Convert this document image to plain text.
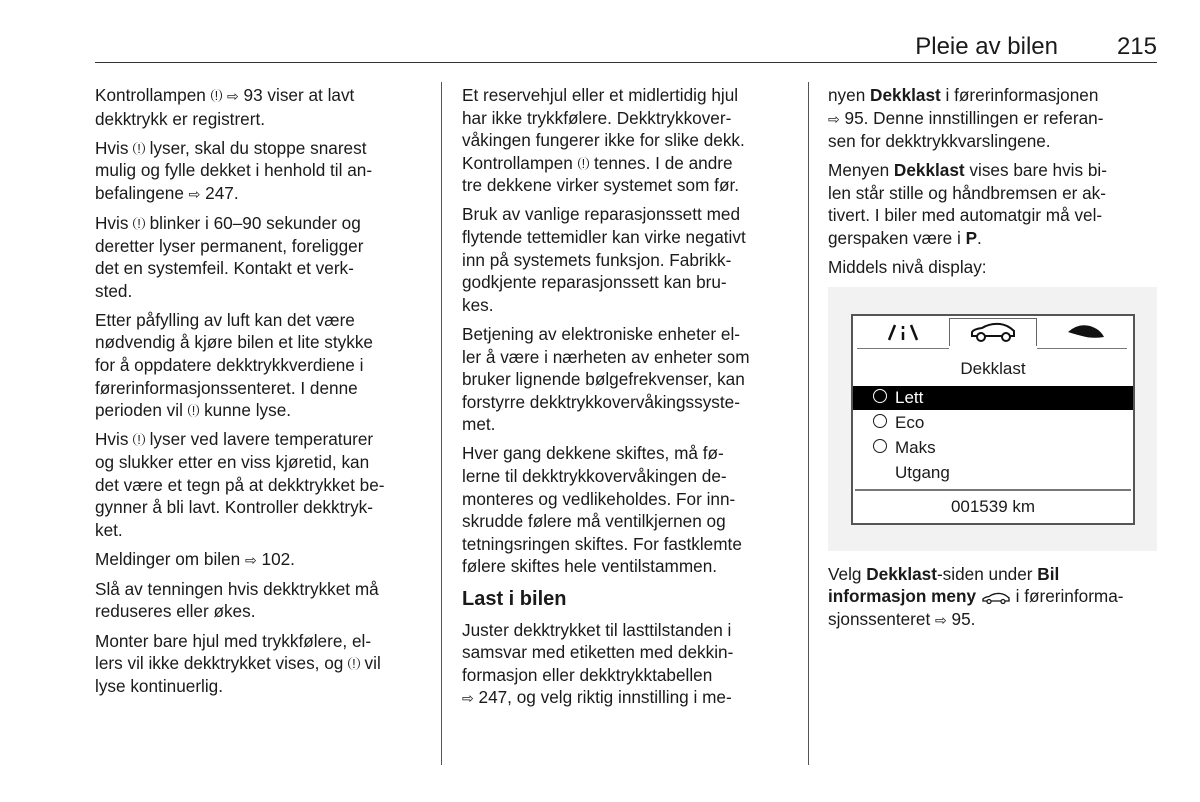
Pleie av bilen 215
Kontrollampen ! ⇨ 93 viser at lavt
dekktrykk er registrert.
Hvis ! lyser, skal du stoppe snarest
mulig og fylle dekket i henhold til an-
befalingene ⇨ 247.
Hvis ! blinker i 60–90 sekunder og
deretter lyser permanent, foreligger
det en systemfeil. Kontakt et verk-
sted.
Etter påfylling av luft kan det være
nødvendig å kjøre bilen et lite stykke
for å oppdatere dekktrykkverdiene i
førerinformasjonssenteret. I denne
perioden vil ! kunne lyse.
Hvis ! lyser ved lavere temperaturer
og slukker etter en viss kjøretid, kan
det være et tegn på at dekktrykket be-
gynner å bli lavt. Kontroller dekktryk-
ket.
Meldinger om bilen ⇨ 102.
Slå av tenningen hvis dekktrykket må
reduseres eller økes.
Monter bare hjul med trykkfølere, el-
lers vil ikke dekktrykket vises, og ! vil
lyse kontinuerlig.
Et reservehjul eller et midlertidig hjul
har ikke trykkfølere. Dekktrykkover-
våkingen fungerer ikke for slike dekk.
Kontrollampen ! tennes. I de andre
tre dekkene virker systemet som før.
Bruk av vanlige reparasjonssett med
flytende tettemidler kan virke negativt
inn på systemets funksjon. Fabrikk-
godkjente reparasjonssett kan bru-
kes.
Betjening av elektroniske enheter el-
ler å være i nærheten av enheter som
bruker lignende bølgefrekvenser, kan
forstyrre dekktrykkovervåkingssyste-
met.
Hver gang dekkene skiftes, må fø-
lerne til dekktrykkovervåkingen de-
monteres og vedlikeholdes. For inn-
skrudde følere må ventilkjernen og
tetningsringen skiftes. For fastklemte
følere skiftes hele ventilstammen.
Last i bilen
Juster dekktrykket til lasttilstanden i
samsvar med etiketten med dekkin-
formasjon eller dekktrykktabellen
⇨ 247, og velg riktig innstilling i me-
nyen Dekklast i førerinformasjonen
⇨ 95. Denne innstillingen er referan-
sen for dekktrykkvarslingene.
Menyen Dekklast vises bare hvis bi-
len står stille og håndbremsen er ak-
tivert. I biler med automatgir må vel-
gerspaken være i P.
Middels nivå display:
Dekklast
Lett
Eco
Maks
Utgang
001539 km
Velg Dekklast-siden under Bil
informasjon meny  i førerinforma-
sjonssenteret ⇨ 95.
